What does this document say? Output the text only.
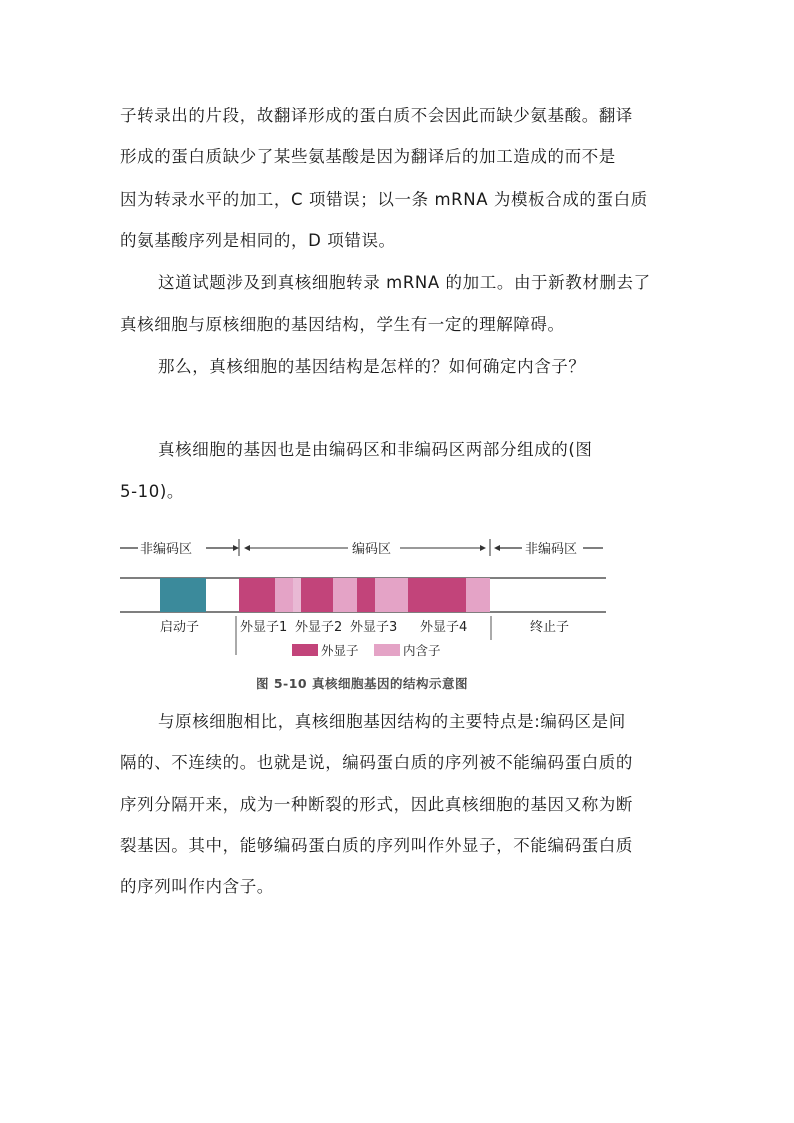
子转录出的片段，故翻译形成的蛋白质不会因此而缺少氨基酸。翻译
形成的蛋白质缺少了某些氨基酸是因为翻译后的加工造成的而不是
因为转录水平的加工，C 项错误；以一条 mRNA 为模板合成的蛋白质
的氨基酸序列是相同的，D 项错误。
这道试题涉及到真核细胞转录 mRNA 的加工。由于新教材删去了
真核细胞与原核细胞的基因结构，学生有一定的理解障碍。
那么，真核细胞的基因结构是怎样的？如何确定内含子？
真核细胞的基因也是由编码区和非编码区两部分组成的(图
5-10)。
非编码区	编码区	非编码区
启动子	外显子1 外显子2 外显子3 外显子4	终止子
外显子	内含子
图 5-10 真核细胞基因的结构示意图
与原核细胞相比，真核细胞基因结构的主要特点是:编码区是间
隔的、不连续的。也就是说，编码蛋白质的序列被不能编码蛋白质的
序列分隔开来，成为一种断裂的形式，因此真核细胞的基因又称为断
裂基因。其中，能够编码蛋白质的序列叫作外显子，不能编码蛋白质
的序列叫作内含子。
